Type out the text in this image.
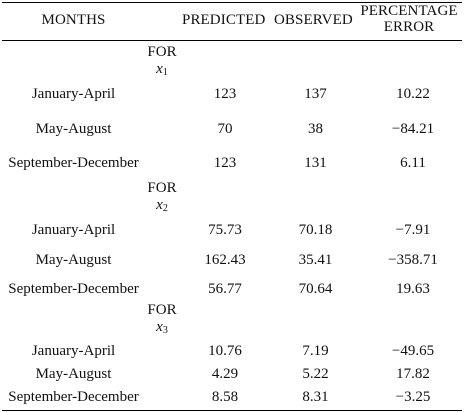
MONTHS	PREDICTED OBSERVED
PERCENTAGE
ERROR
FOR
$x_1$
January-April	123	137	10.22
May-August	70	38	−84.21
September-December	123	131	6.11
FOR
$x_2$
January-April	75.73	70.18	−7.91
May-August	162.43	35.41	−358.71
September-December	56.77	70.64	19.63
FOR
$x_3$
January-April	10.76	7.19	−49.65
May-August	4.29	5.22	17.82
September-December	8.58	8.31	−3.25
